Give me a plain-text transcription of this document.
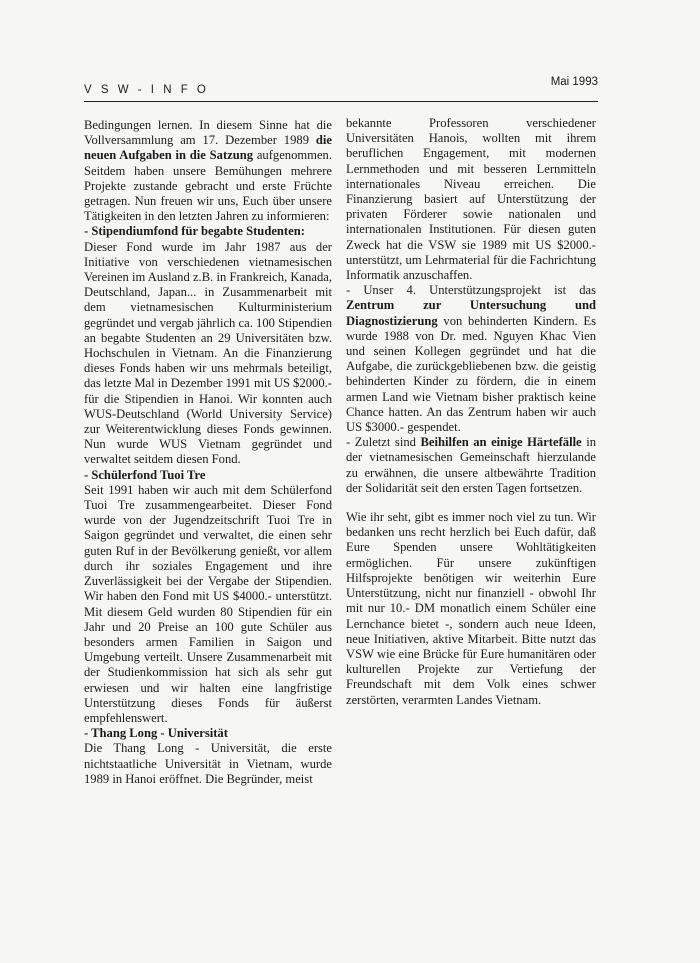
V S W - I N F O
Mai 1993

Bedingungen lernen. In diesem Sinne hat die Vollversammlung am 17. Dezember 1989 die neuen Aufgaben in die Satzung aufgenommen. Seitdem haben unsere Bemühungen mehrere Projekte zustande gebracht und erste Früchte getragen. Nun freuen wir uns, Euch über unsere Tätigkeiten in den letzten Jahren zu informieren:

- Stipendiumfond für begabte Studenten:

Dieser Fond wurde im Jahr 1987 aus der Initiative von verschiedenen vietnamesischen Vereinen im Ausland z.B. in Frankreich, Kanada, Deutschland, Japan... in Zusammenarbeit mit dem vietnamesischen Kulturministerium gegründet und vergab jährlich ca. 100 Stipendien an begabte Studenten an 29 Universitäten bzw. Hochschulen in Vietnam. An die Finanzierung dieses Fonds haben wir uns mehrmals beteiligt, das letzte Mal in Dezember 1991 mit US $2000.- für die Stipendien in Hanoi. Wir konnten auch WUS-Deutschland (World University Service) zur Weiterentwicklung dieses Fonds gewinnen. Nun wurde WUS Vietnam gegründet und verwaltet seitdem diesen Fond.

- Schülerfond Tuoi Tre

Seit 1991 haben wir auch mit dem Schülerfond Tuoi Tre zusammengearbeitet. Dieser Fond wurde von der Jugendzeitschrift Tuoi Tre in Saigon gegründet und verwaltet, die einen sehr guten Ruf in der Bevölkerung genießt, vor allem durch ihr soziales Engagement und ihre Zuverlässigkeit bei der Vergabe der Stipendien. Wir haben den Fond mit US $4000.- unterstützt. Mit diesem Geld wurden 80 Stipendien für ein Jahr und 20 Preise an 100 gute Schüler aus besonders armen Familien in Saigon und Umgebung verteilt. Unsere Zusammenarbeit mit der Studienkommission hat sich als sehr gut erwiesen und wir halten eine langfristige Unterstützung dieses Fonds für äußerst empfehlenswert.

- Thang Long - Universität

Die Thang Long - Universität, die erste nichtstaatliche Universität in Vietnam, wurde 1989 in Hanoi eröffnet. Die Begründer, meist

bekannte Professoren verschiedener Universitäten Hanois, wollten mit ihrem beruflichen Engagement, mit modernen Lernmethoden und mit besseren Lernmitteln internationales Niveau erreichen. Die Finanzierung basiert auf Unterstützung der privaten Förderer sowie nationalen und internationalen Institutionen. Für diesen guten Zweck hat die VSW sie 1989 mit US $2000.- unterstützt, um Lehrmaterial für die Fachrichtung Informatik anzuschaffen.

- Unser 4. Unterstützungsprojekt ist das Zentrum zur Untersuchung und Diagnostizierung von behinderten Kindern. Es wurde 1988 von Dr. med. Nguyen Khac Vien und seinen Kollegen gegründet und hat die Aufgabe, die zurückgebliebenen bzw. die geistig behinderten Kinder zu fördern, die in einem armen Land wie Vietnam bisher praktisch keine Chance hatten. An das Zentrum haben wir auch US $3000.- gespendet.

- Zuletzt sind Beihilfen an einige Härtefälle in der vietnamesischen Gemeinschaft hierzulande zu erwähnen, die unsere altbewährte Tradition der Solidarität seit den ersten Tagen fortsetzen.

Wie ihr seht, gibt es immer noch viel zu tun. Wir bedanken uns recht herzlich bei Euch dafür, daß Eure Spenden unsere Wohltätigkeiten ermöglichen. Für unsere zukünftigen Hilfsprojekte benötigen wir weiterhin Eure Unterstützung, nicht nur finanziell - obwohl Ihr mit nur 10.- DM monatlich einem Schüler eine Lernchance bietet -, sondern auch neue Ideen, neue Initiativen, aktive Mitarbeit. Bitte nutzt das VSW wie eine Brücke für Eure humanitären oder kulturellen Projekte zur Vertiefung der Freundschaft mit dem Volk eines schwer zerstörten, verarmten Landes Vietnam.
